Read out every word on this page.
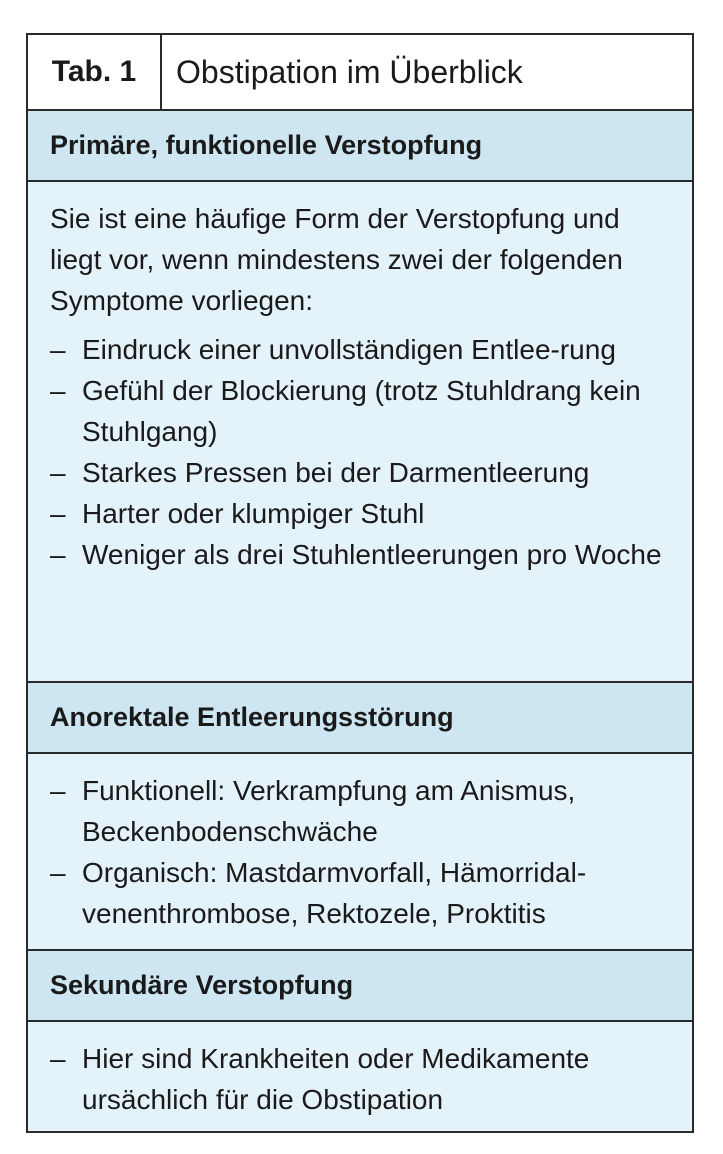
Tab. 1	Obstipation im Überblick
Primäre, funktionelle Verstopfung

Sie ist eine häufige Form der Verstopfung und liegt vor, wenn mindestens zwei der folgenden Symptome vorliegen:

– Eindruck einer unvollständigen Entlee-rung
– Gefühl der Blockierung (trotz Stuhldrang kein Stuhlgang)
– Starkes Pressen bei der Darmentleerung
– Harter oder klumpiger Stuhl
– Weniger als drei Stuhlentleerungen pro Woche
Anorektale Entleerungsstörung
– Funktionell: Verkrampfung am Anismus, Beckenbodenschwäche
– Organisch: Mastdarmvorfall, Hämorridal-venenthrombose, Rektozele, Proktitis
Sekundäre Verstopfung
– Hier sind Krankheiten oder Medikamente ursächlich für die Obstipation
